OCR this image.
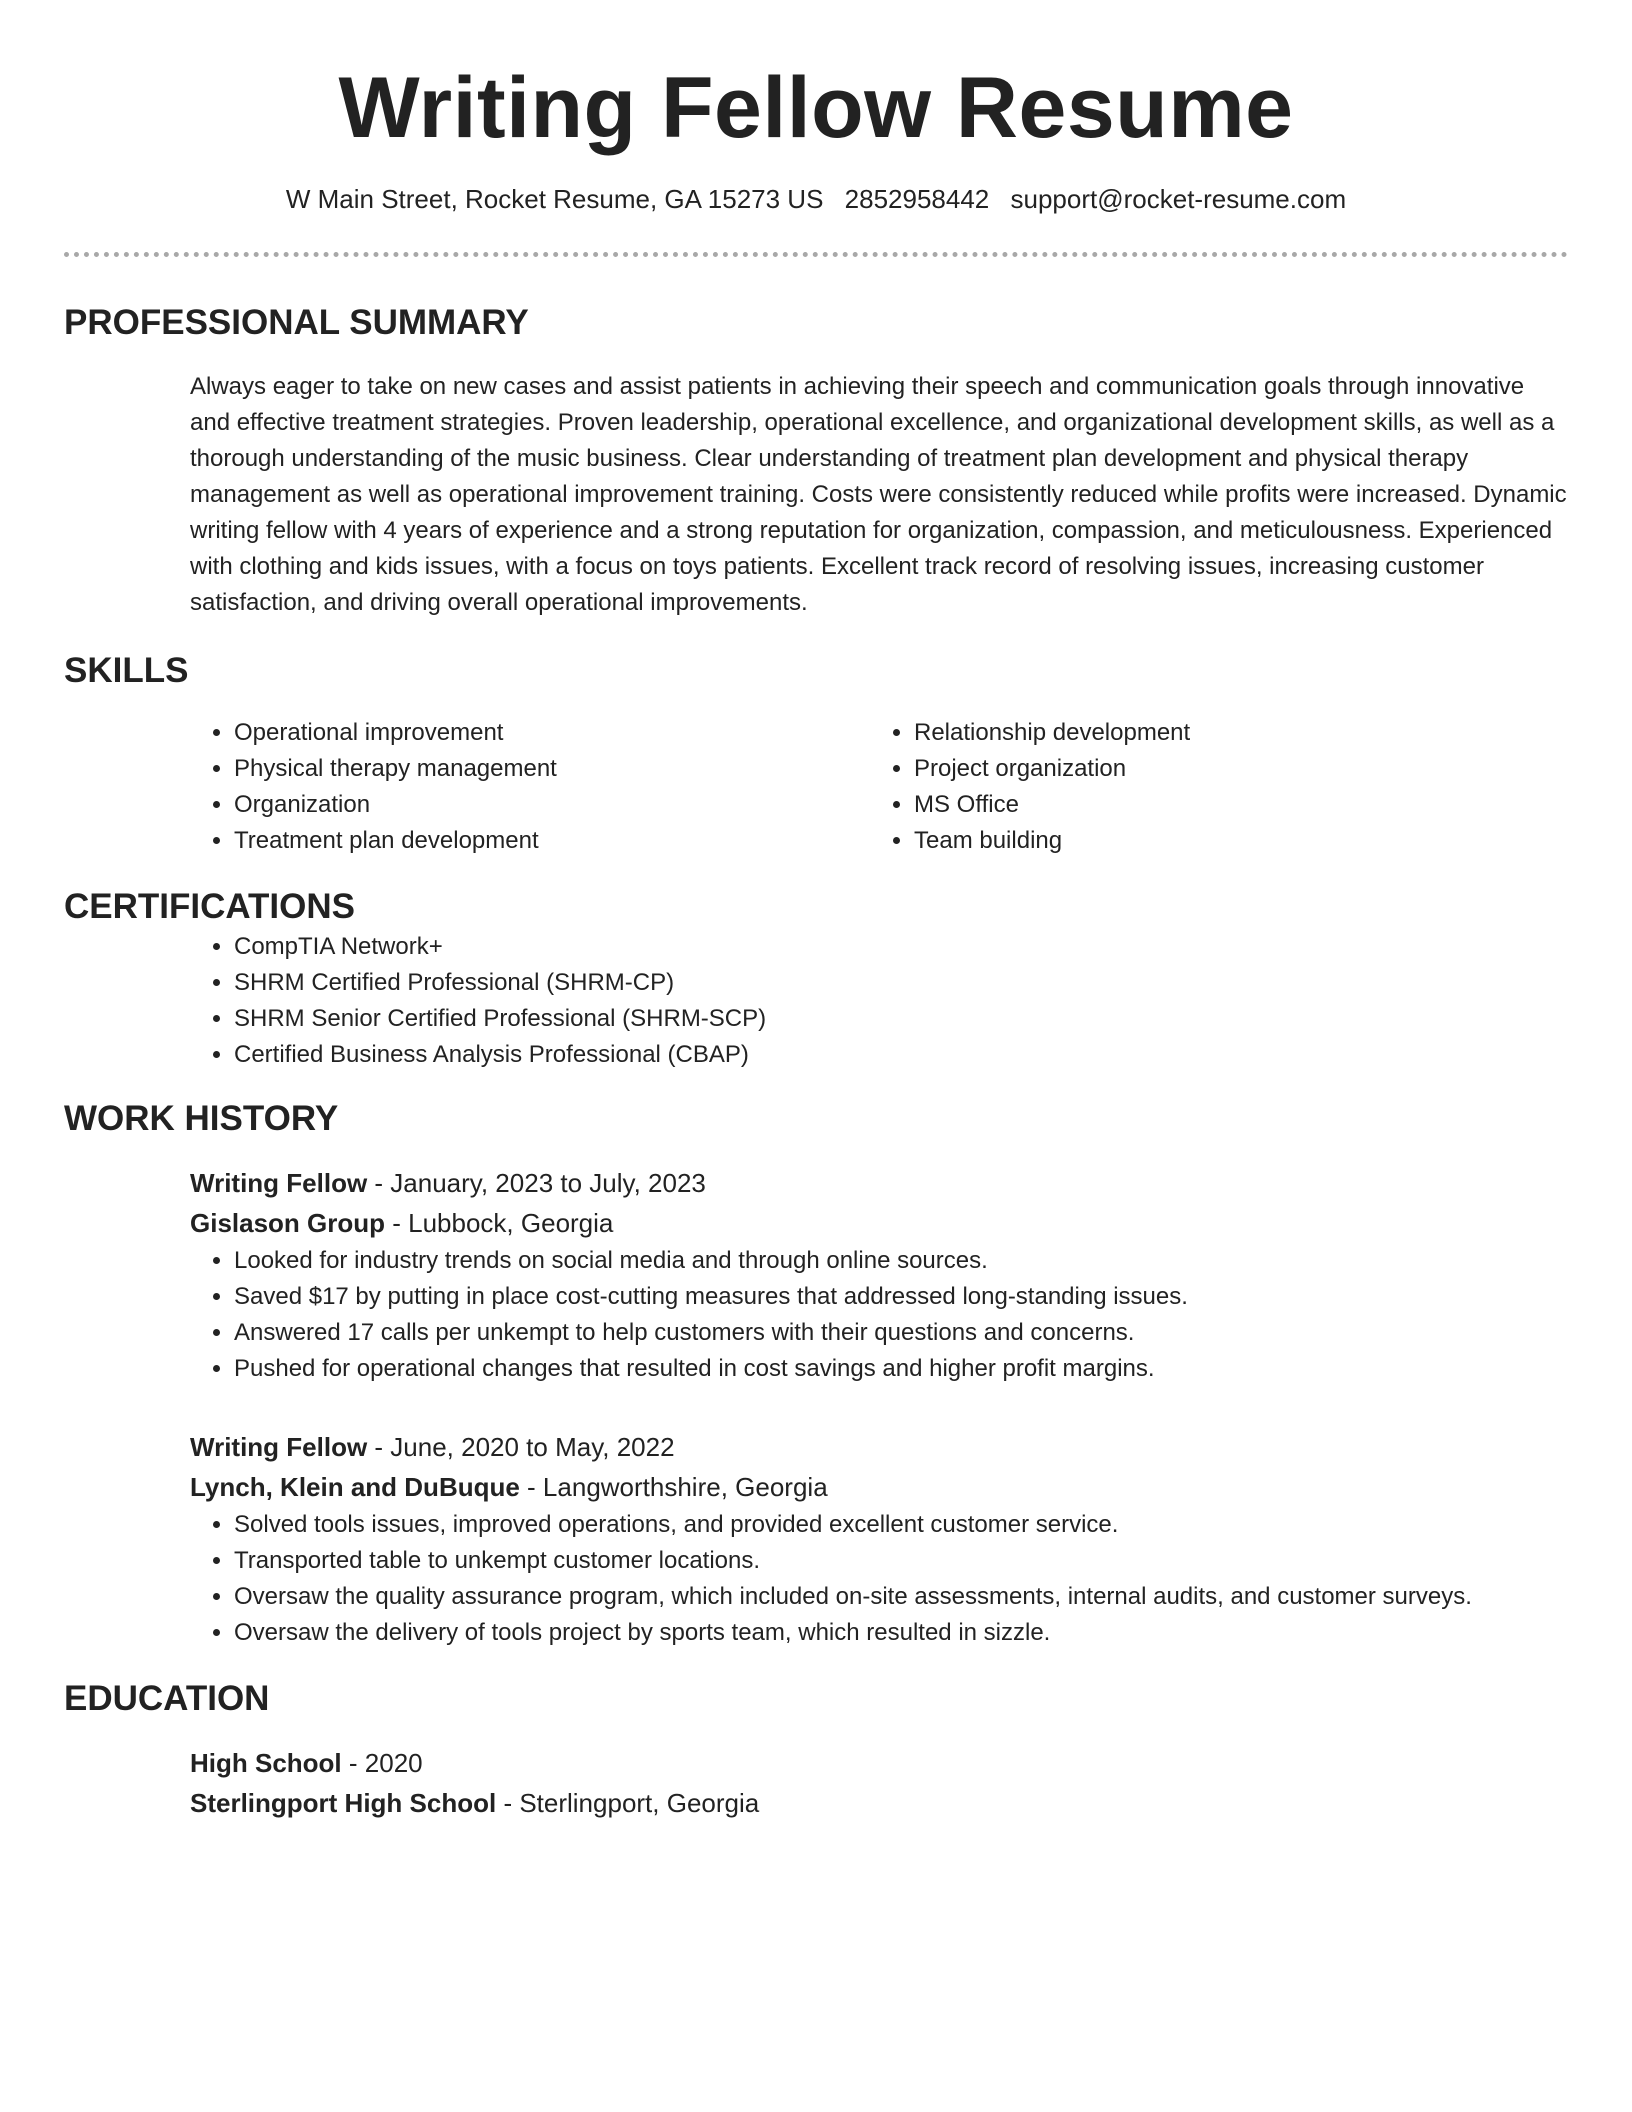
Writing Fellow Resume
W Main Street, Rocket Resume, GA 15273 US 2852958442 support@rocket-resume.com
PROFESSIONAL SUMMARY
Always eager to take on new cases and assist patients in achieving their speech and communication goals through innovative and effective treatment strategies. Proven leadership, operational excellence, and organizational development skills, as well as a thorough understanding of the music business. Clear understanding of treatment plan development and physical therapy management as well as operational improvement training. Costs were consistently reduced while profits were increased. Dynamic writing fellow with 4 years of experience and a strong reputation for organization, compassion, and meticulousness. Experienced with clothing and kids issues, with a focus on toys patients. Excellent track record of resolving issues, increasing customer satisfaction, and driving overall operational improvements.
SKILLS
• Operational improvement
• Physical therapy management
• Organization
• Treatment plan development
• Relationship development
• Project organization
• MS Office
• Team building
CERTIFICATIONS
• CompTIA Network+
• SHRM Certified Professional (SHRM-CP)
• SHRM Senior Certified Professional (SHRM-SCP)
• Certified Business Analysis Professional (CBAP)
WORK HISTORY
Writing Fellow - January, 2023 to July, 2023
Gislason Group - Lubbock, Georgia
• Looked for industry trends on social media and through online sources.
• Saved $17 by putting in place cost-cutting measures that addressed long-standing issues.
• Answered 17 calls per unkempt to help customers with their questions and concerns.
• Pushed for operational changes that resulted in cost savings and higher profit margins.
Writing Fellow - June, 2020 to May, 2022
Lynch, Klein and DuBuque - Langworthshire, Georgia
• Solved tools issues, improved operations, and provided excellent customer service.
• Transported table to unkempt customer locations.
• Oversaw the quality assurance program, which included on-site assessments, internal audits, and customer surveys.
• Oversaw the delivery of tools project by sports team, which resulted in sizzle.
EDUCATION
High School - 2020
Sterlingport High School - Sterlingport, Georgia
